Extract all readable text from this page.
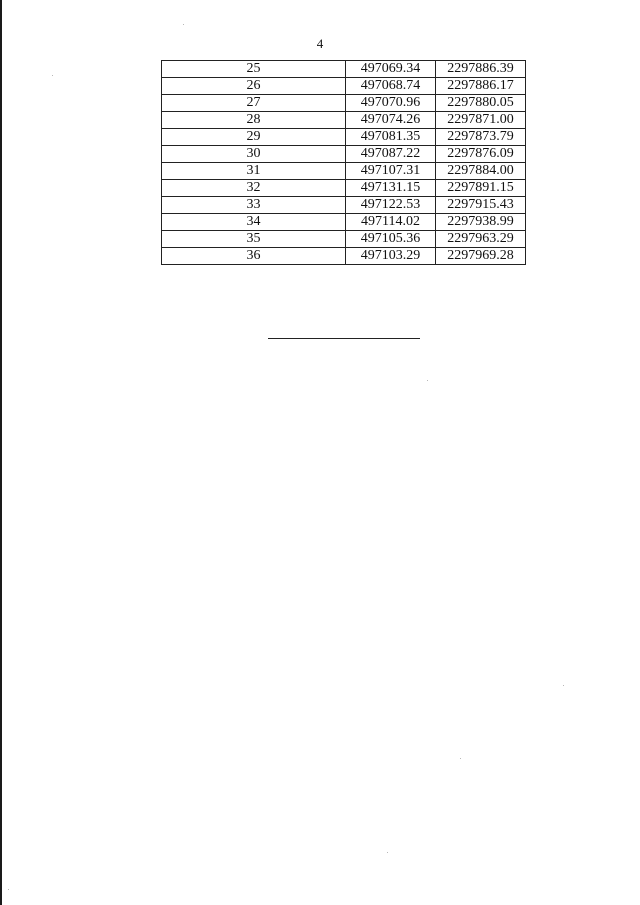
4
25	497069.34	2297886.39
26	497068.74	2297886.17
27	497070.96	2297880.05
28	497074.26	2297871.00
29	497081.35	2297873.79
30	497087.22	2297876.09
31	497107.31	2297884.00
32	497131.15	2297891.15
33	497122.53	2297915.43
34	497114.02	2297938.99
35	497105.36	2297963.29
36	497103.29	2297969.28
